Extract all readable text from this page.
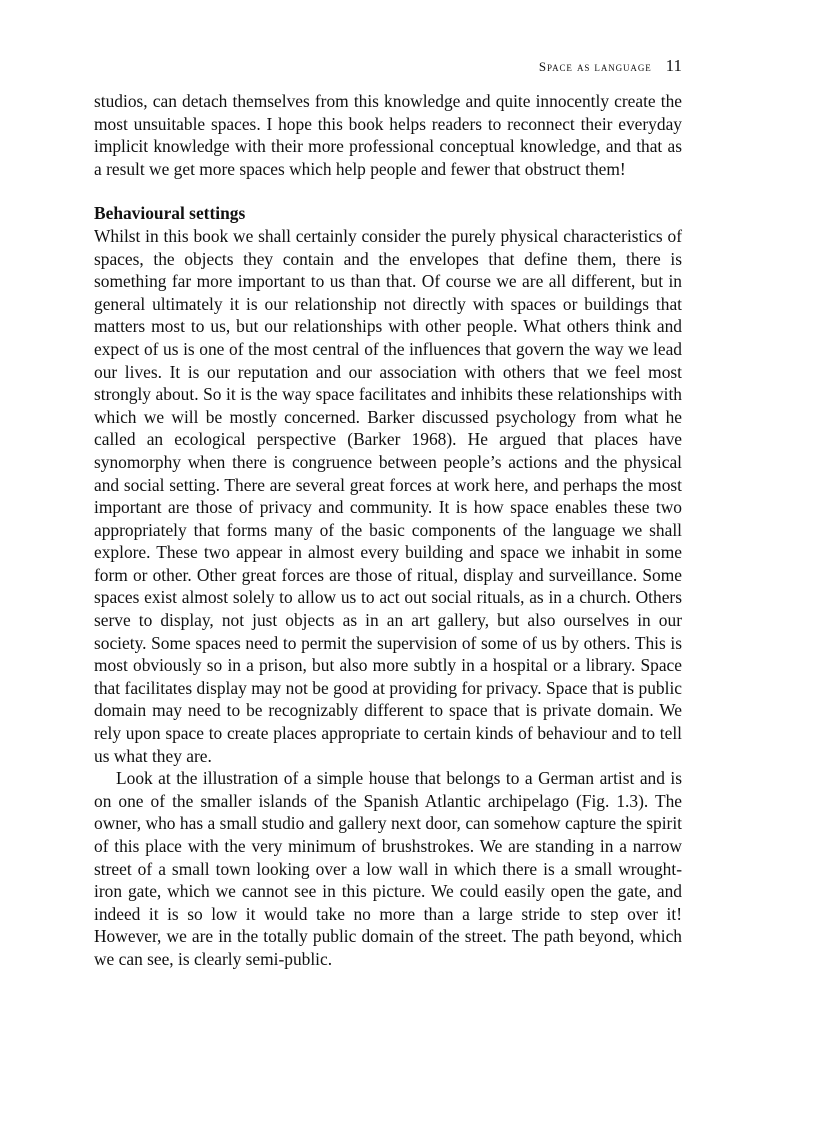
Space as language 11

studios, can detach themselves from this knowledge and quite innocently create the most unsuitable spaces. I hope this book helps readers to reconnect their everyday implicit knowledge with their more professional conceptual knowledge, and that as a result we get more spaces which help people and fewer that obstruct them!

Behavioural settings

Whilst in this book we shall certainly consider the purely physical characteristics of spaces, the objects they contain and the envelopes that define them, there is something far more important to us than that. Of course we are all different, but in general ultimately it is our relationship not directly with spaces or buildings that matters most to us, but our relationships with other people. What others think and expect of us is one of the most central of the influences that govern the way we lead our lives. It is our reputation and our association with others that we feel most strongly about. So it is the way space facilitates and inhibits these relationships with which we will be mostly concerned. Barker discussed psychology from what he called an ecological perspective (Barker 1968). He argued that places have synomorphy when there is congruence between people’s actions and the physical and social setting. There are several great forces at work here, and perhaps the most important are those of privacy and community. It is how space enables these two appropriately that forms many of the basic components of the language we shall explore. These two appear in almost every building and space we inhabit in some form or other. Other great forces are those of ritual, display and surveillance. Some spaces exist almost solely to allow us to act out social rituals, as in a church. Others serve to display, not just objects as in an art gallery, but also ourselves in our society. Some spaces need to permit the supervision of some of us by others. This is most obviously so in a prison, but also more subtly in a hospital or a library. Space that facilitates display may not be good at providing for privacy. Space that is public domain may need to be recognizably different to space that is private domain. We rely upon space to create places appropriate to certain kinds of behaviour and to tell us what they are.

Look at the illustration of a simple house that belongs to a German artist and is on one of the smaller islands of the Spanish Atlantic archipelago (Fig. 1.3). The owner, who has a small studio and gallery next door, can somehow capture the spirit of this place with the very minimum of brushstrokes. We are standing in a narrow street of a small town looking over a low wall in which there is a small wrought-iron gate, which we cannot see in this picture. We could easily open the gate, and indeed it is so low it would take no more than a large stride to step over it! However, we are in the totally public domain of the street. The path beyond, which we can see, is clearly semi-public.
